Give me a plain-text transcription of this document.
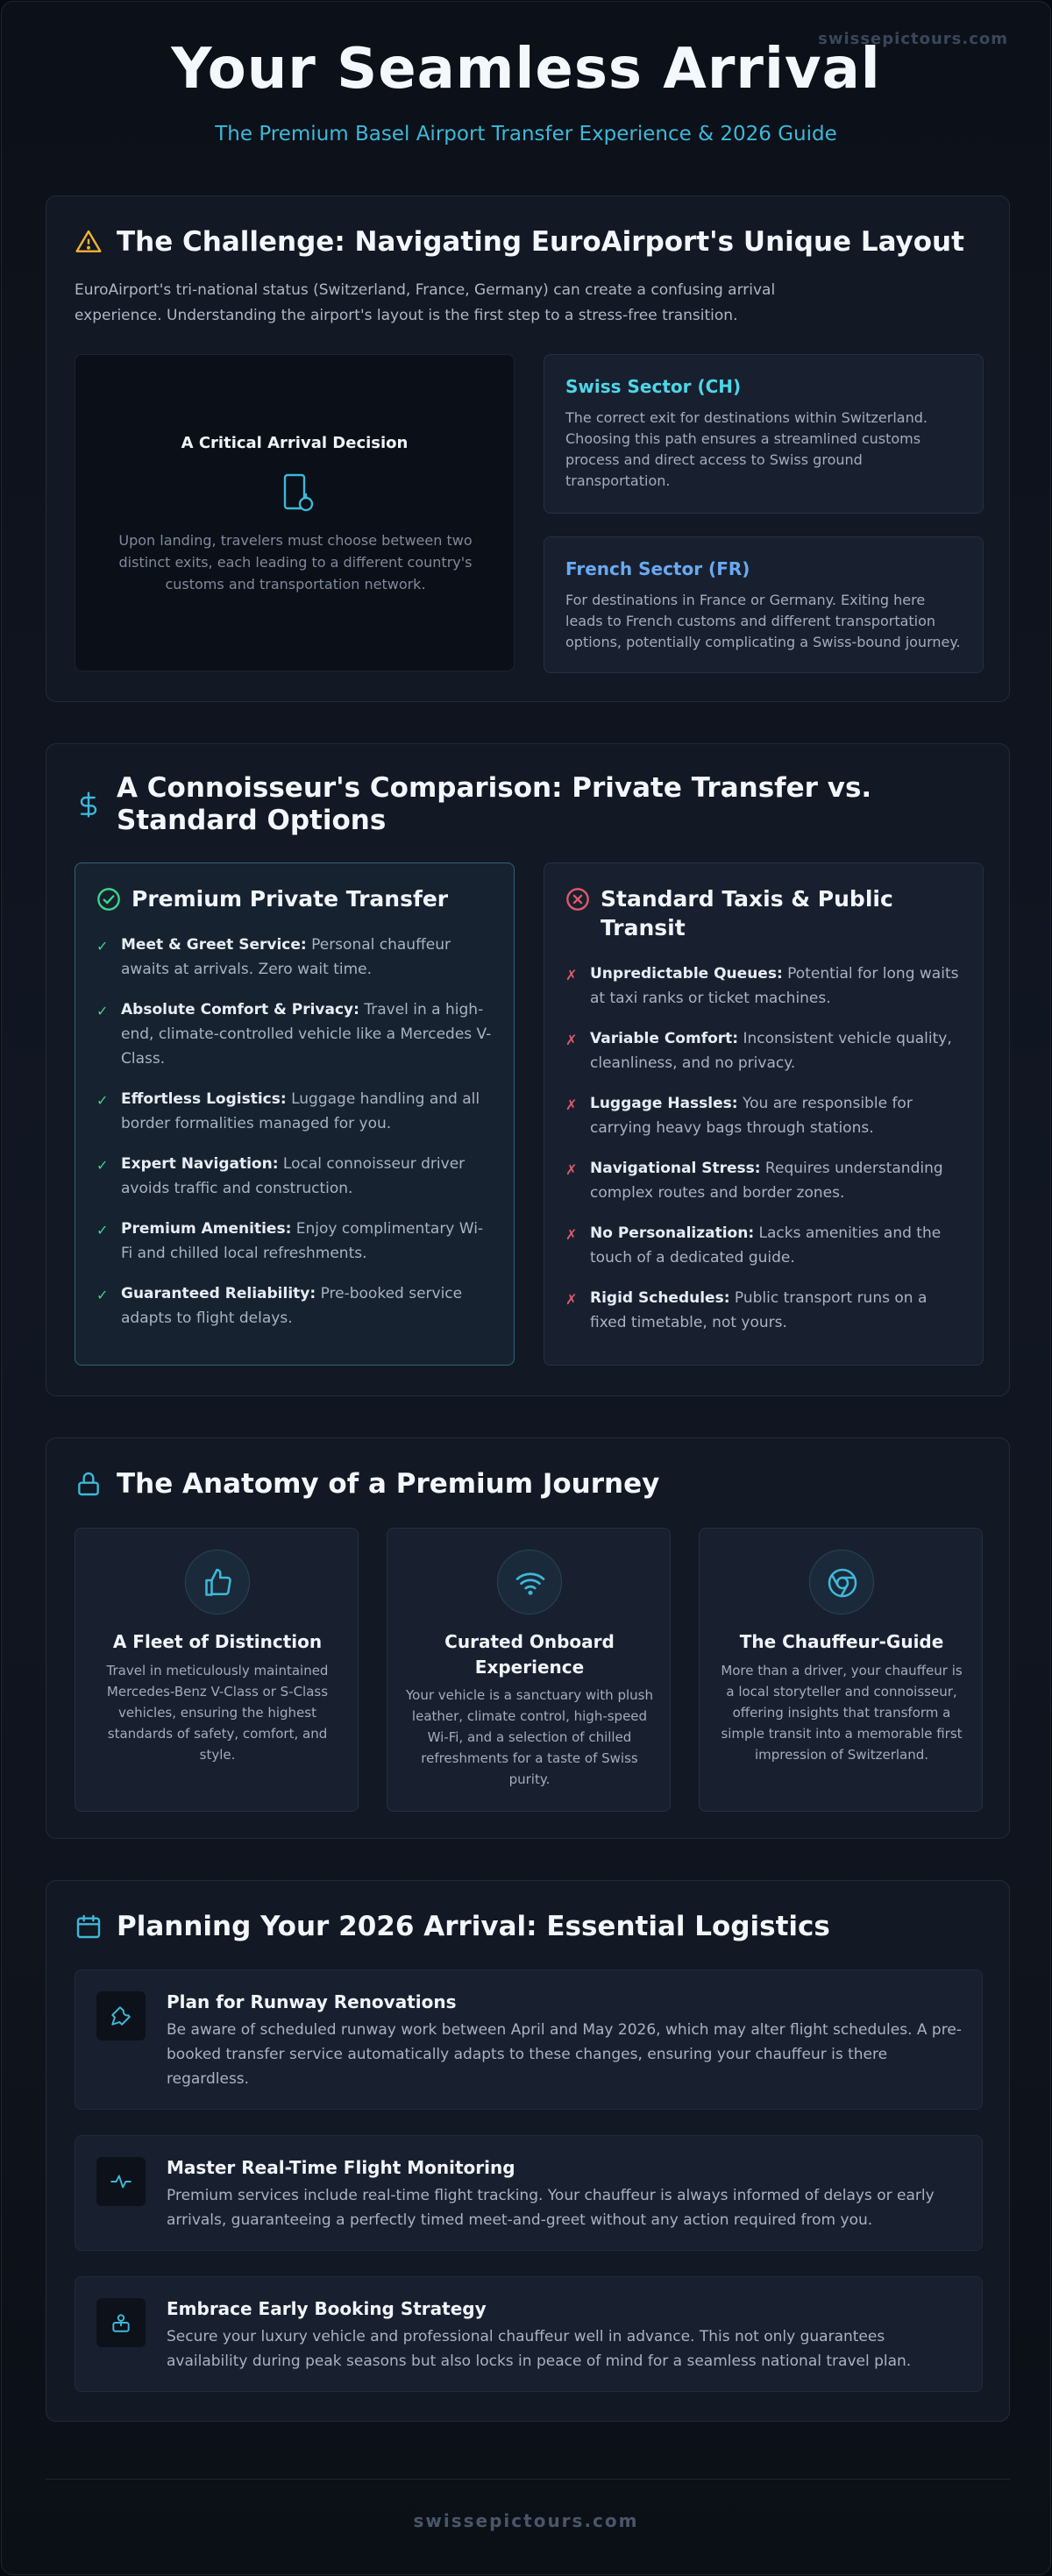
swissepictours.com
Your Seamless Arrival

The Premium Basel Airport Transfer Experience & 2026 Guide

The Challenge: Navigating EuroAirport's Unique Layout

EuroAirport's tri-national status (Switzerland, France, Germany) can create a confusing arrival experience. Understanding the airport's layout is the first step to a stress-free transition.

A Critical Arrival Decision
Upon landing, travelers must choose between two distinct exits, each leading to a different country's customs and transportation network.
Swiss Sector (CH)
The correct exit for destinations within Switzerland. Choosing this path ensures a streamlined customs process and direct access to Swiss ground transportation.
French Sector (FR)
For destinations in France or Germany. Exiting here leads to French customs and different transportation options, potentially complicating a Swiss-bound journey.
A Connoisseur's Comparison: Private Transfer vs. Standard Options
Premium Private Transfer
✓ Meet & Greet Service: Personal chauffeur awaits at arrivals. Zero wait time.
✓ Absolute Comfort & Privacy: Travel in a high-end, climate-controlled vehicle like a Mercedes V-Class.
✓ Effortless Logistics: Luggage handling and all border formalities managed for you.
✓ Expert Navigation: Local connoisseur driver avoids traffic and construction.
✓ Premium Amenities: Enjoy complimentary Wi-Fi and chilled local refreshments.
✓ Guaranteed Reliability: Pre-booked service adapts to flight delays.
Standard Taxis & Public Transit
✗ Unpredictable Queues: Potential for long waits at taxi ranks or ticket machines.
✗ Variable Comfort: Inconsistent vehicle quality, cleanliness, and no privacy.
✗ Luggage Hassles: You are responsible for carrying heavy bags through stations.
✗ Navigational Stress: Requires understanding complex routes and border zones.
✗ No Personalization: Lacks amenities and the touch of a dedicated guide.
✗ Rigid Schedules: Public transport runs on a fixed timetable, not yours.
The Anatomy of a Premium Journey
A Fleet of Distinction
Travel in meticulously maintained Mercedes-Benz V-Class or S-Class vehicles, ensuring the highest standards of safety, comfort, and style.
Curated Onboard Experience
Your vehicle is a sanctuary with plush leather, climate control, high-speed Wi-Fi, and a selection of chilled refreshments for a taste of Swiss purity.
The Chauffeur-Guide
More than a driver, your chauffeur is a local storyteller and connoisseur, offering insights that transform a simple transit into a memorable first impression of Switzerland.
Planning Your 2026 Arrival: Essential Logistics
Plan for Runway Renovations
Be aware of scheduled runway work between April and May 2026, which may alter flight schedules. A pre-booked transfer service automatically adapts to these changes, ensuring your chauffeur is there regardless.
Master Real-Time Flight Monitoring
Premium services include real-time flight tracking. Your chauffeur is always informed of delays or early arrivals, guaranteeing a perfectly timed meet-and-greet without any action required from you.
Embrace Early Booking Strategy
Secure your luxury vehicle and professional chauffeur well in advance. This not only guarantees availability during peak seasons but also locks in peace of mind for a seamless national travel plan.
swissepictours.com
